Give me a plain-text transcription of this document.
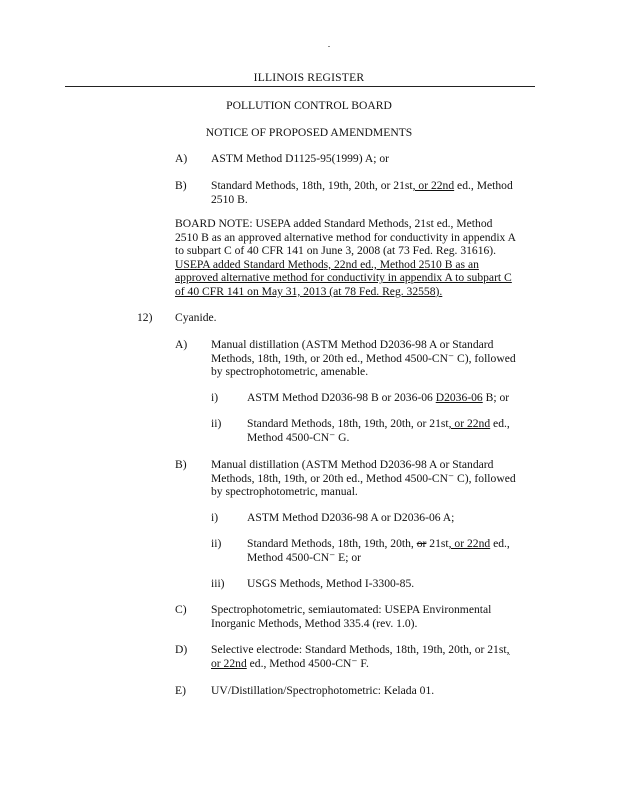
ILLINOIS REGISTER
POLLUTION CONTROL BOARD
NOTICE OF PROPOSED AMENDMENTS
A) ASTM Method D1125-95(1999) A; or
B) Standard Methods, 18th, 19th, 20th, or 21st, or 22nd ed., Method
2510 B.
BOARD NOTE: USEPA added Standard Methods, 21st ed., Method
2510 B as an approved alternative method for conductivity in appendix A
to subpart C of 40 CFR 141 on June 3, 2008 (at 73 Fed. Reg. 31616).
USEPA added Standard Methods, 22nd ed., Method 2510 B as an
approved alternative method for conductivity in appendix A to subpart C
of 40 CFR 141 on May 31, 2013 (at 78 Fed. Reg. 32558).
12) Cyanide.
A) Manual distillation (ASTM Method D2036-98 A or Standard
Methods, 18th, 19th, or 20th ed., Method 4500-CN⁻ C), followed
by spectrophotometric, amenable.
i) ASTM Method D2036-98 B or 2036-06 D2036-06 B; or
ii) Standard Methods, 18th, 19th, 20th, or 21st, or 22nd ed.,
Method 4500-CN⁻ G.
B) Manual distillation (ASTM Method D2036-98 A or Standard
Methods, 18th, 19th, or 20th ed., Method 4500-CN⁻ C), followed
by spectrophotometric, manual.
i) ASTM Method D2036-98 A or D2036-06 A;
ii) Standard Methods, 18th, 19th, 20th, or 21st, or 22nd ed.,
Method 4500-CN⁻ E; or
iii) USGS Methods, Method I-3300-85.
C) Spectrophotometric, semiautomated: USEPA Environmental
Inorganic Methods, Method 335.4 (rev. 1.0).
D) Selective electrode: Standard Methods, 18th, 19th, 20th, or 21st,
or 22nd ed., Method 4500-CN⁻ F.
E) UV/Distillation/Spectrophotometric: Kelada 01.
